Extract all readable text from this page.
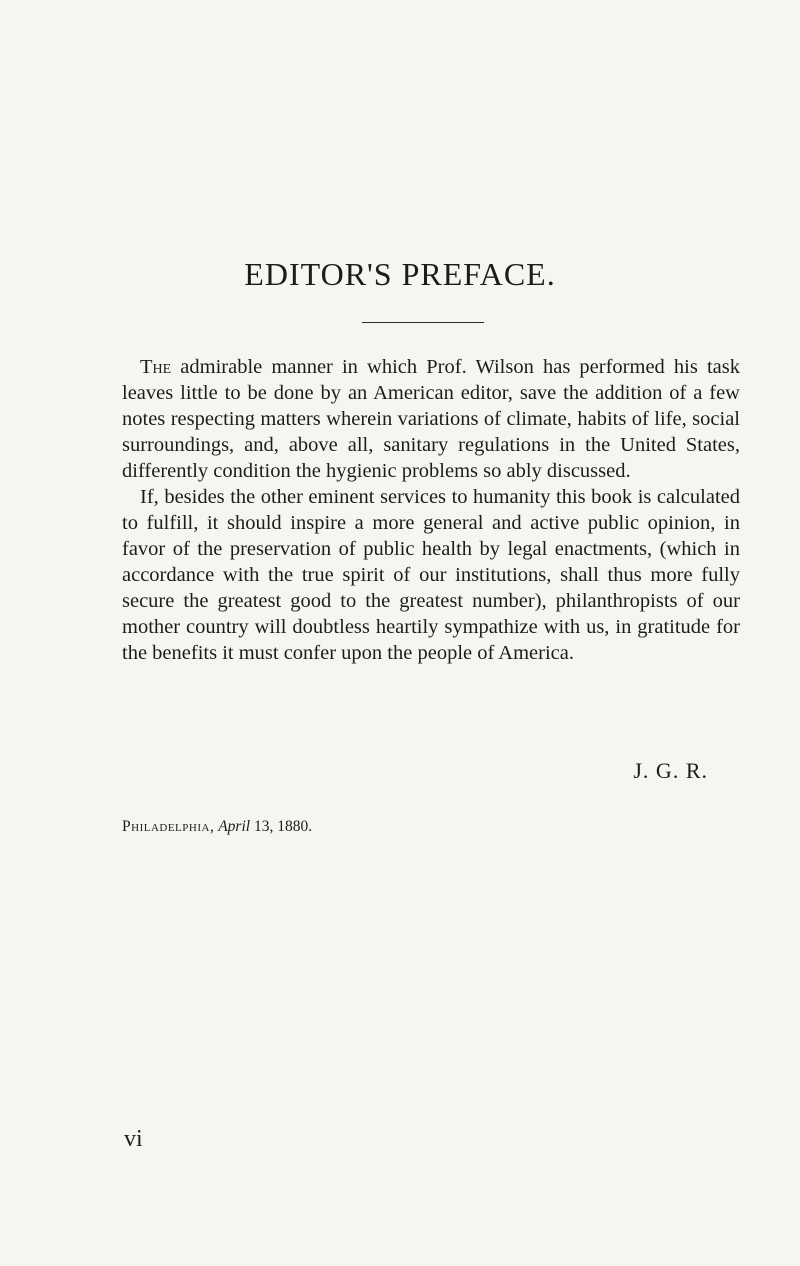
EDITOR'S PREFACE.

The admirable manner in which Prof. Wilson has performed his task leaves little to be done by an American editor, save the addition of a few notes respecting matters wherein variations of climate, habits of life, social surroundings, and, above all, sanitary regulations in the United States, differently condition the hygienic problems so ably discussed.

If, besides the other eminent services to humanity this book is calculated to fulfill, it should inspire a more general and active public opinion, in favor of the preservation of public health by legal enactments, (which in accordance with the true spirit of our institutions, shall thus more fully secure the greatest good to the greatest number), philanthropists of our mother country will doubtless heartily sympathize with us, in gratitude for the benefits it must confer upon the people of America.

J. G. R.
Philadelphia, April 13, 1880.
vi
